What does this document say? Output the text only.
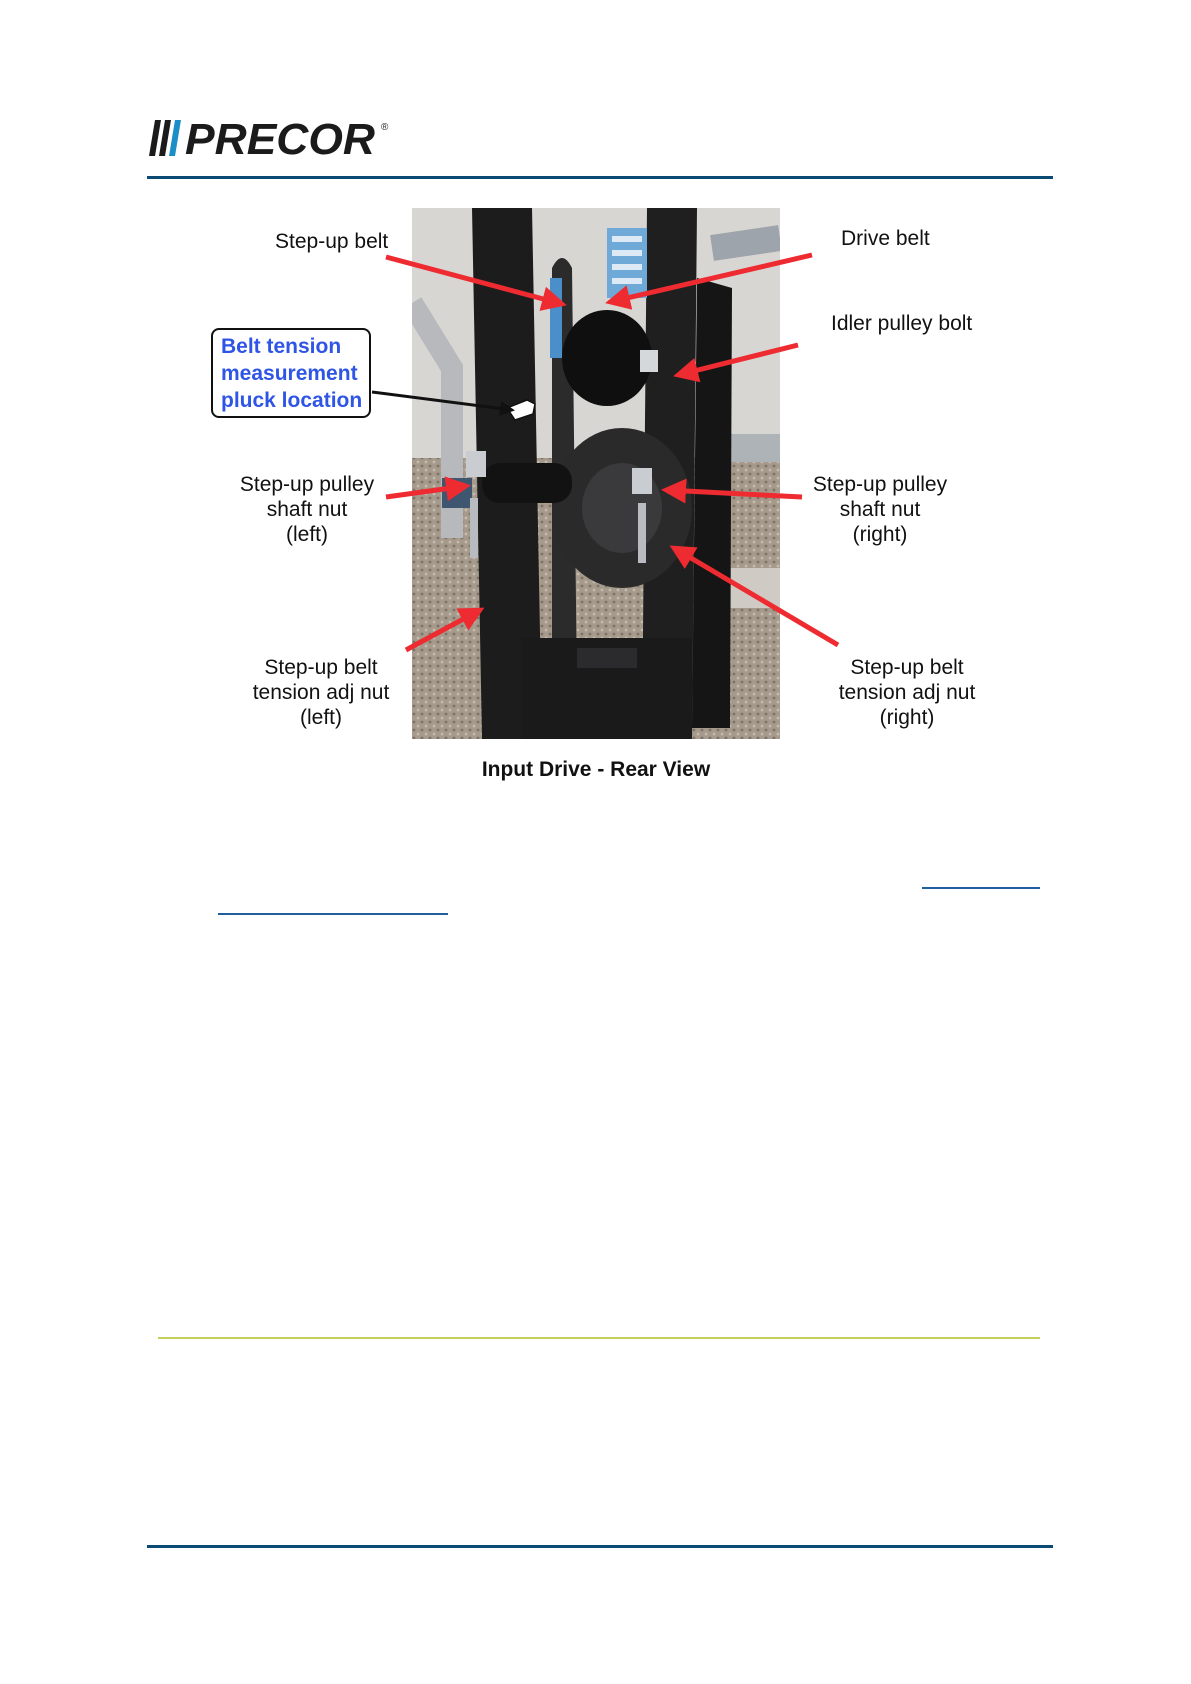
PRECOR ®
Belt tension
measurement
pluck location
Step-up belt	Drive belt
Idler pulley bolt
Step-up pulley
shaft nut
(left)
Step-up pulley
shaft nut
(right)
Step-up belt
tension adj nut
(left)
Step-up belt
tension adj nut
(right)
Input Drive - Rear View
